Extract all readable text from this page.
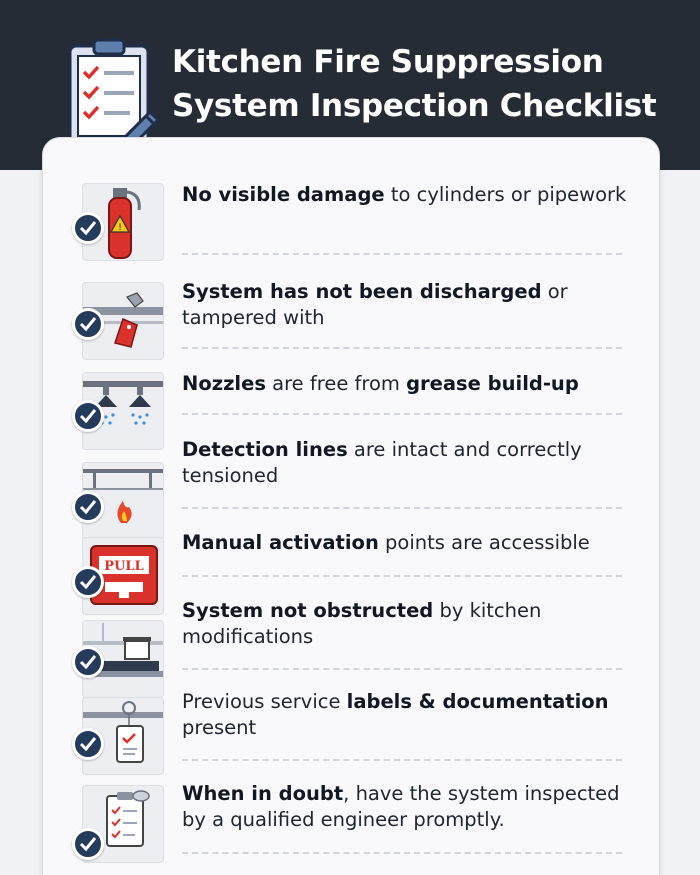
Kitchen Fire Suppression
System Inspection Checklist
!
No visible damage to cylinders or pipework
System has not been discharged or tampered with
Nozzles are free from grease build-up
Detection lines are intact and correctly tensioned
PULL
Manual activation points are accessible
System not obstructed by kitchen modifications
Previous service labels & documentation present
When in doubt, have the system inspected by a qualified engineer promptly.
